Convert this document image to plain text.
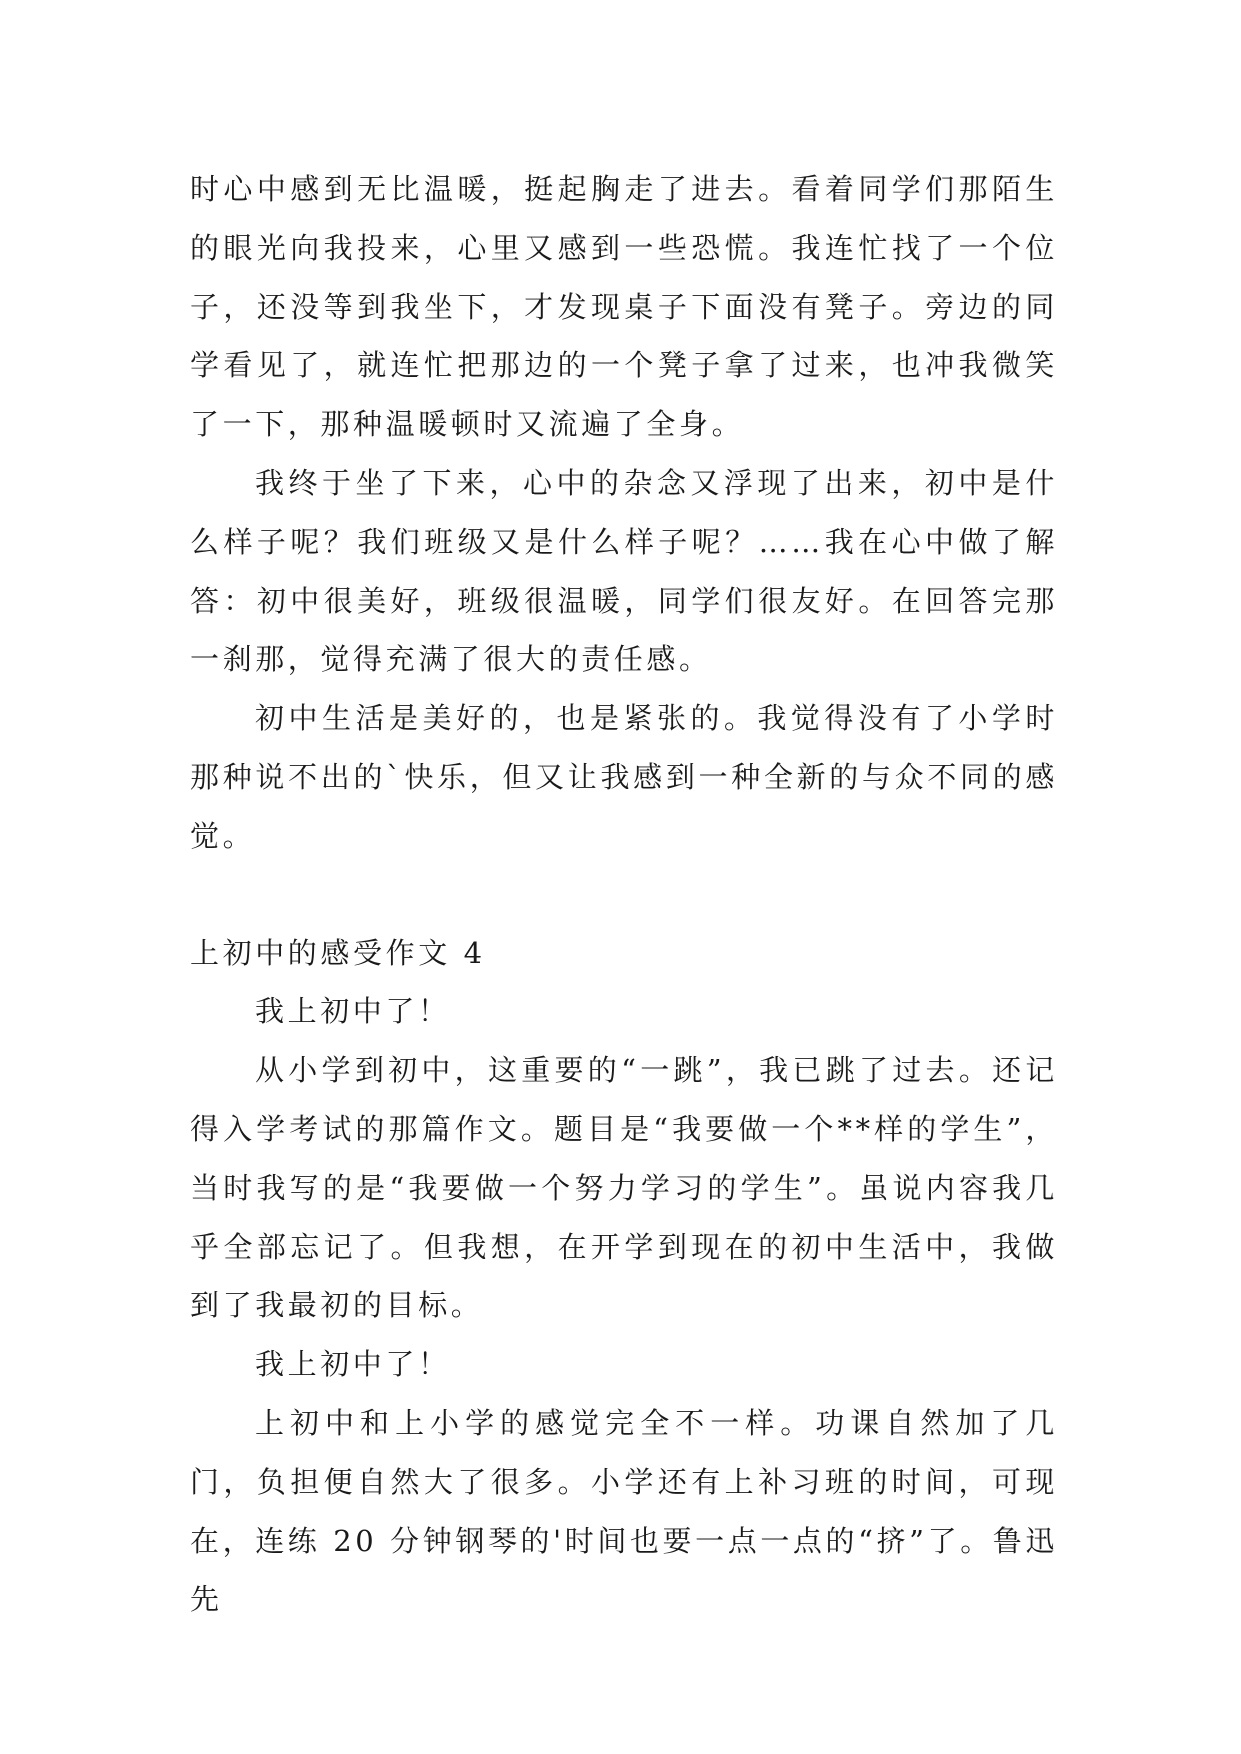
时心中感到无比温暖，挺起胸走了进去。看着同学们那陌生的眼光向我投来，心里又感到一些恐慌。我连忙找了一个位子，还没等到我坐下，才发现桌子下面没有凳子。旁边的同学看见了，就连忙把那边的一个凳子拿了过来，也冲我微笑了一下，那种温暖顿时又流遍了全身。

我终于坐了下来，心中的杂念又浮现了出来，初中是什么样子呢？我们班级又是什么样子呢？……我在心中做了解答：初中很美好，班级很温暖，同学们很友好。在回答完那一刹那，觉得充满了很大的责任感。

初中生活是美好的，也是紧张的。我觉得没有了小学时那种说不出的`快乐，但又让我感到一种全新的与众不同的感觉。

上初中的感受作文 4

我上初中了！

从小学到初中，这重要的“一跳”，我已跳了过去。还记得入学考试的那篇作文。题目是“我要做一个**样的学生”，当时我写的是“我要做一个努力学习的学生”。虽说内容我几乎全部忘记了。但我想，在开学到现在的初中生活中，我做到了我最初的目标。

我上初中了！

上初中和上小学的感觉完全不一样。功课自然加了几门，负担便自然大了很多。小学还有上补习班的时间，可现在，连练 20 分钟钢琴的'时间也要一点一点的“挤”了。鲁迅先
